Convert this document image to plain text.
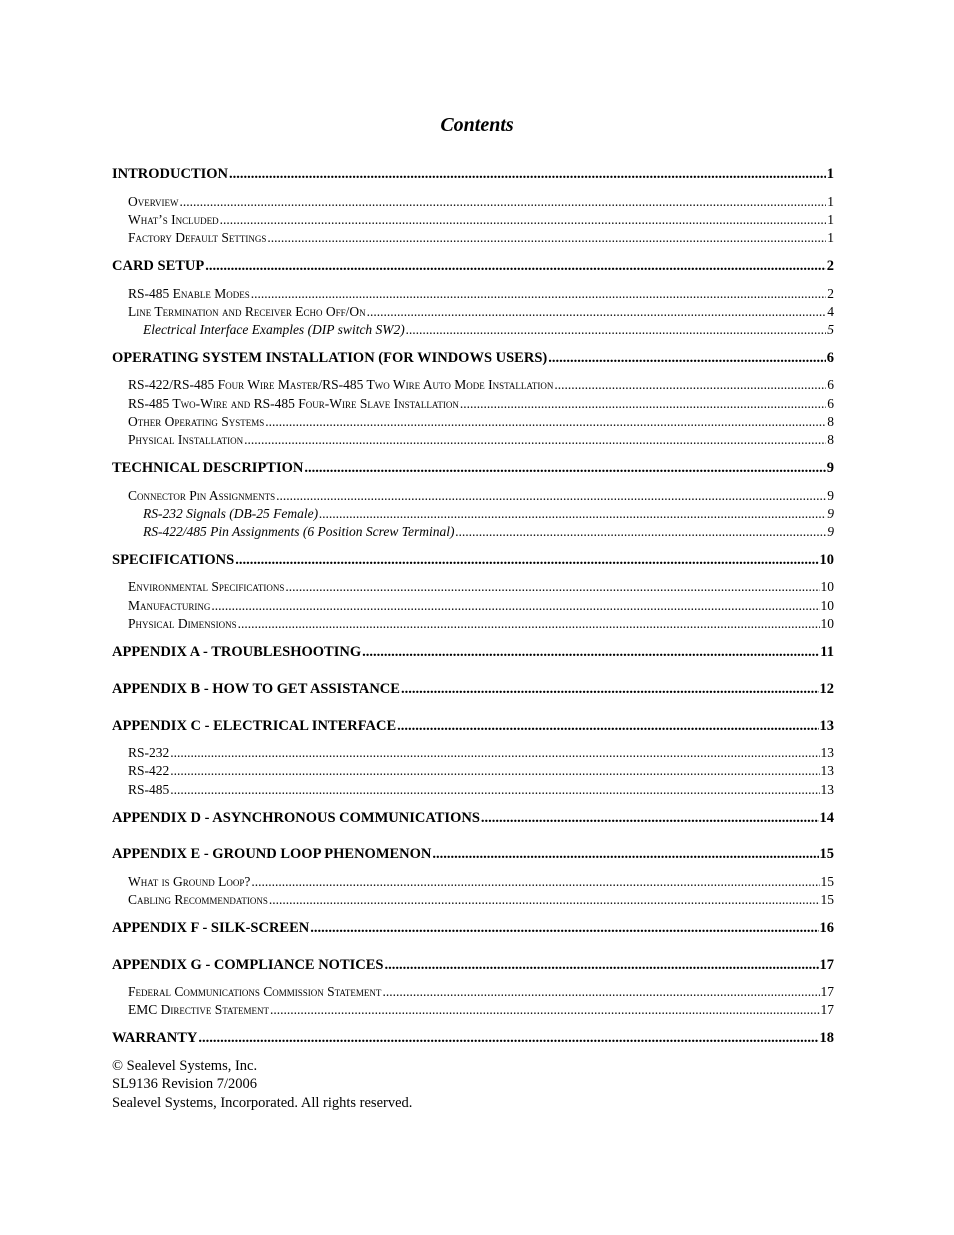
Contents
INTRODUCTION .....	1
Overview .....	1
What’s Included .....	1
Factory Default Settings .....	1
CARD SETUP .....	2
RS-485 Enable Modes .....	2
Line Termination and Receiver Echo Off/On .....	4
Electrical Interface Examples (DIP switch SW2) .....	5
OPERATING SYSTEM INSTALLATION (FOR WINDOWS USERS) .....	6
RS-422/RS-485 Four Wire Master/RS-485 Two Wire Auto Mode Installation .....	6
RS-485 Two-Wire and RS-485 Four-Wire Slave Installation .....	6
Other Operating Systems .....	8
Physical Installation .....	8
TECHNICAL DESCRIPTION .....	9
Connector Pin Assignments .....	9
RS-232 Signals (DB-25 Female) .....	9
RS-422/485 Pin Assignments (6 Position Screw Terminal) .....	9
SPECIFICATIONS .....	10
Environmental Specifications .....	10
Manufacturing .....	10
Physical Dimensions .....	10
APPENDIX A - TROUBLESHOOTING .....	11
APPENDIX B - HOW TO GET ASSISTANCE .....	12
APPENDIX C - ELECTRICAL INTERFACE .....	13
RS-232 .....	13
RS-422 .....	13
RS-485 .....	13
APPENDIX D - ASYNCHRONOUS COMMUNICATIONS .....	14
APPENDIX E - GROUND LOOP PHENOMENON .....	15
What is Ground Loop? .....	15
Cabling Recommendations .....	15
APPENDIX F - SILK-SCREEN .....	16
APPENDIX G - COMPLIANCE NOTICES .....	17
Federal Communications Commission Statement .....	17
EMC Directive Statement .....	17
WARRANTY .....	18
© Sealevel Systems, Inc.
SL9136 Revision 7/2006
Sealevel Systems, Incorporated. All rights reserved.
